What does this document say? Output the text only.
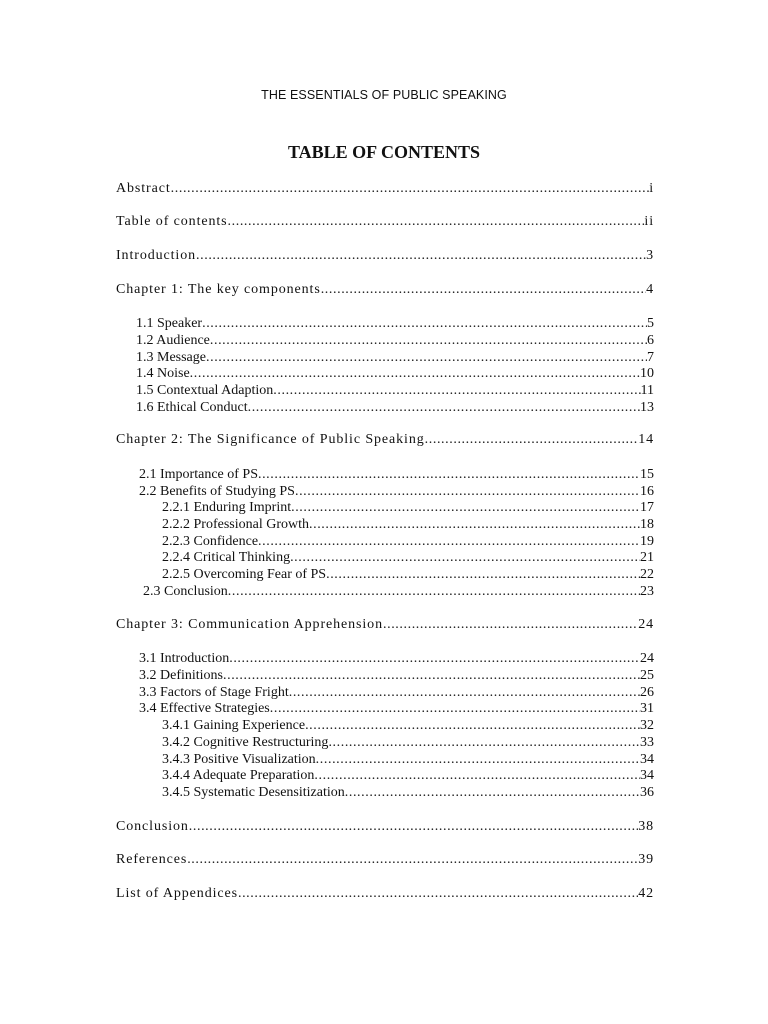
THE ESSENTIALS OF PUBLIC SPEAKING
TABLE OF CONTENTS
Abstract .....	i
Table of contents .....	ii
Introduction .....	3
Chapter 1: The key components .....	4
1.1 Speaker .....	5
1.2 Audience .....	6
1.3 Message .....	7
1.4 Noise .....	10
1.5 Contextual Adaption .....	11
1.6 Ethical Conduct .....	13
Chapter 2: The Significance of Public Speaking .....	14
2.1 Importance of PS .....	15
2.2 Benefits of Studying PS .....	16
2.2.1 Enduring Imprint .....	17
2.2.2 Professional Growth .....	18
2.2.3 Confidence .....	19
2.2.4 Critical Thinking .....	21
2.2.5 Overcoming Fear of PS .....	22
2.3 Conclusion .....	23
Chapter 3: Communication Apprehension .....	24
3.1 Introduction .....	24
3.2 Definitions .....	25
3.3 Factors of Stage Fright .....	26
3.4 Effective Strategies .....	31
3.4.1 Gaining Experience .....	32
3.4.2 Cognitive Restructuring .....	33
3.4.3 Positive Visualization .....	34
3.4.4 Adequate Preparation .....	34
3.4.5 Systematic Desensitization .....	36
Conclusion .....	38
References .....	39
List of Appendices .....	42
